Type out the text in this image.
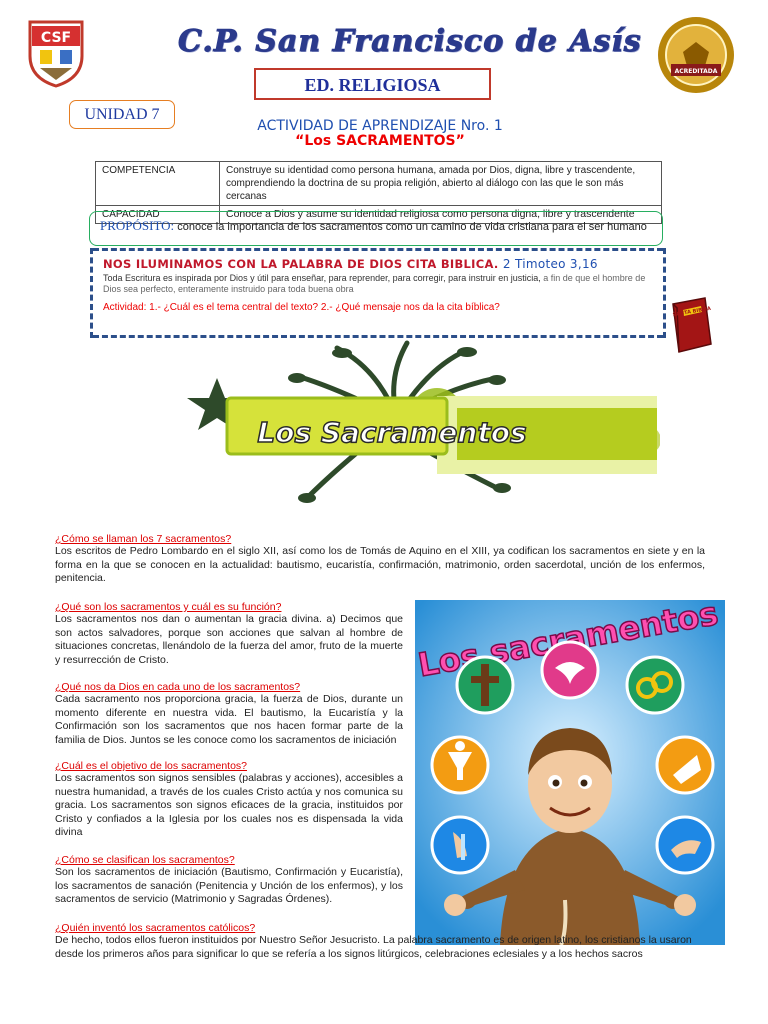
CSF	C.P. San Francisco de Asís
ACREDITADA
ED. RELIGIOSA
UNIDAD 7
ACTIVIDAD DE APRENDIZAJE Nro. 1
“Los SACRAMENTOS”
COMPETENCIA	Construye su identidad como persona humana, amada por Dios, digna, libre y trascendente, comprendiendo la doctrina de su propia religión, abierto al diálogo con las que le son más cercanas
CAPACIDAD	Conoce a Dios y asume su identidad religiosa como persona digna, libre y trascendente
PROPÓSITO: conoce la importancia de los sacramentos como un camino de vida cristiana para el ser humano
NOS ILUMINAMOS CON LA PALABRA DE DIOS CITA BIBLICA. 2 Timoteo 3,16
Toda Escritura es inspirada por Dios y útil para enseñar, para reprender, para corregir, para instruir en justicia, a fin de que el hombre de Dios sea perfecto, enteramente instruido para toda buena obra
Actividad: 1.- ¿Cuál es el tema central del texto? 2.- ¿Qué mensaje nos da la cita bíblica?	SANTA BIBLIA
Los Sacramentos
Los sacramentos
¿Cómo se llaman los 7 sacramentos?
Los escritos de Pedro Lombardo en el siglo XII, así como los de Tomás de Aquino en el XIII, ya codifican los sacramentos en siete y en la forma en la que se conocen en la actualidad: bautismo, eucaristía, confirmación, matrimonio, orden sacerdotal, unción de los enfermos, penitencia.
¿Qué son los sacramentos y cuál es su función?
Los sacramentos nos dan o aumentan la gracia divina. a) Decimos que son actos salvadores, porque son acciones que salvan al hombre de situaciones concretas, llenándolo de la fuerza del amor, fruto de la muerte y resurrección de Cristo.
¿Qué nos da Dios en cada uno de los sacramentos?
Cada sacramento nos proporciona gracia, la fuerza de Dios, durante un momento diferente en nuestra vida. El bautismo, la Eucaristía y la Confirmación son los sacramentos que nos hacen formar parte de la familia de Dios. Juntos se les conoce como los sacramentos de iniciación
¿Cuál es el objetivo de los sacramentos?
Los sacramentos son signos sensibles (palabras y acciones), accesibles a nuestra humanidad, a través de los cuales Cristo actúa y nos comunica su gracia. Los sacramentos son signos eficaces de la gracia, instituidos por Cristo y confiados a la Iglesia por los cuales nos es dispensada la vida divina
¿Cómo se clasifican los sacramentos?
Son los sacramentos de iniciación (Bautismo, Confirmación y Eucaristía), los sacramentos de sanación (Penitencia y Unción de los enfermos), y los sacramentos de servicio (Matrimonio y Sagradas Órdenes).
¿Quién inventó los sacramentos católicos?
De hecho, todos ellos fueron instituidos por Nuestro Señor Jesucristo. La palabra sacramento es de origen latino, los cristianos la usaron desde los primeros años para significar lo que se refería a los signos litúrgicos, celebraciones eclesiales y a los hechos sacros
